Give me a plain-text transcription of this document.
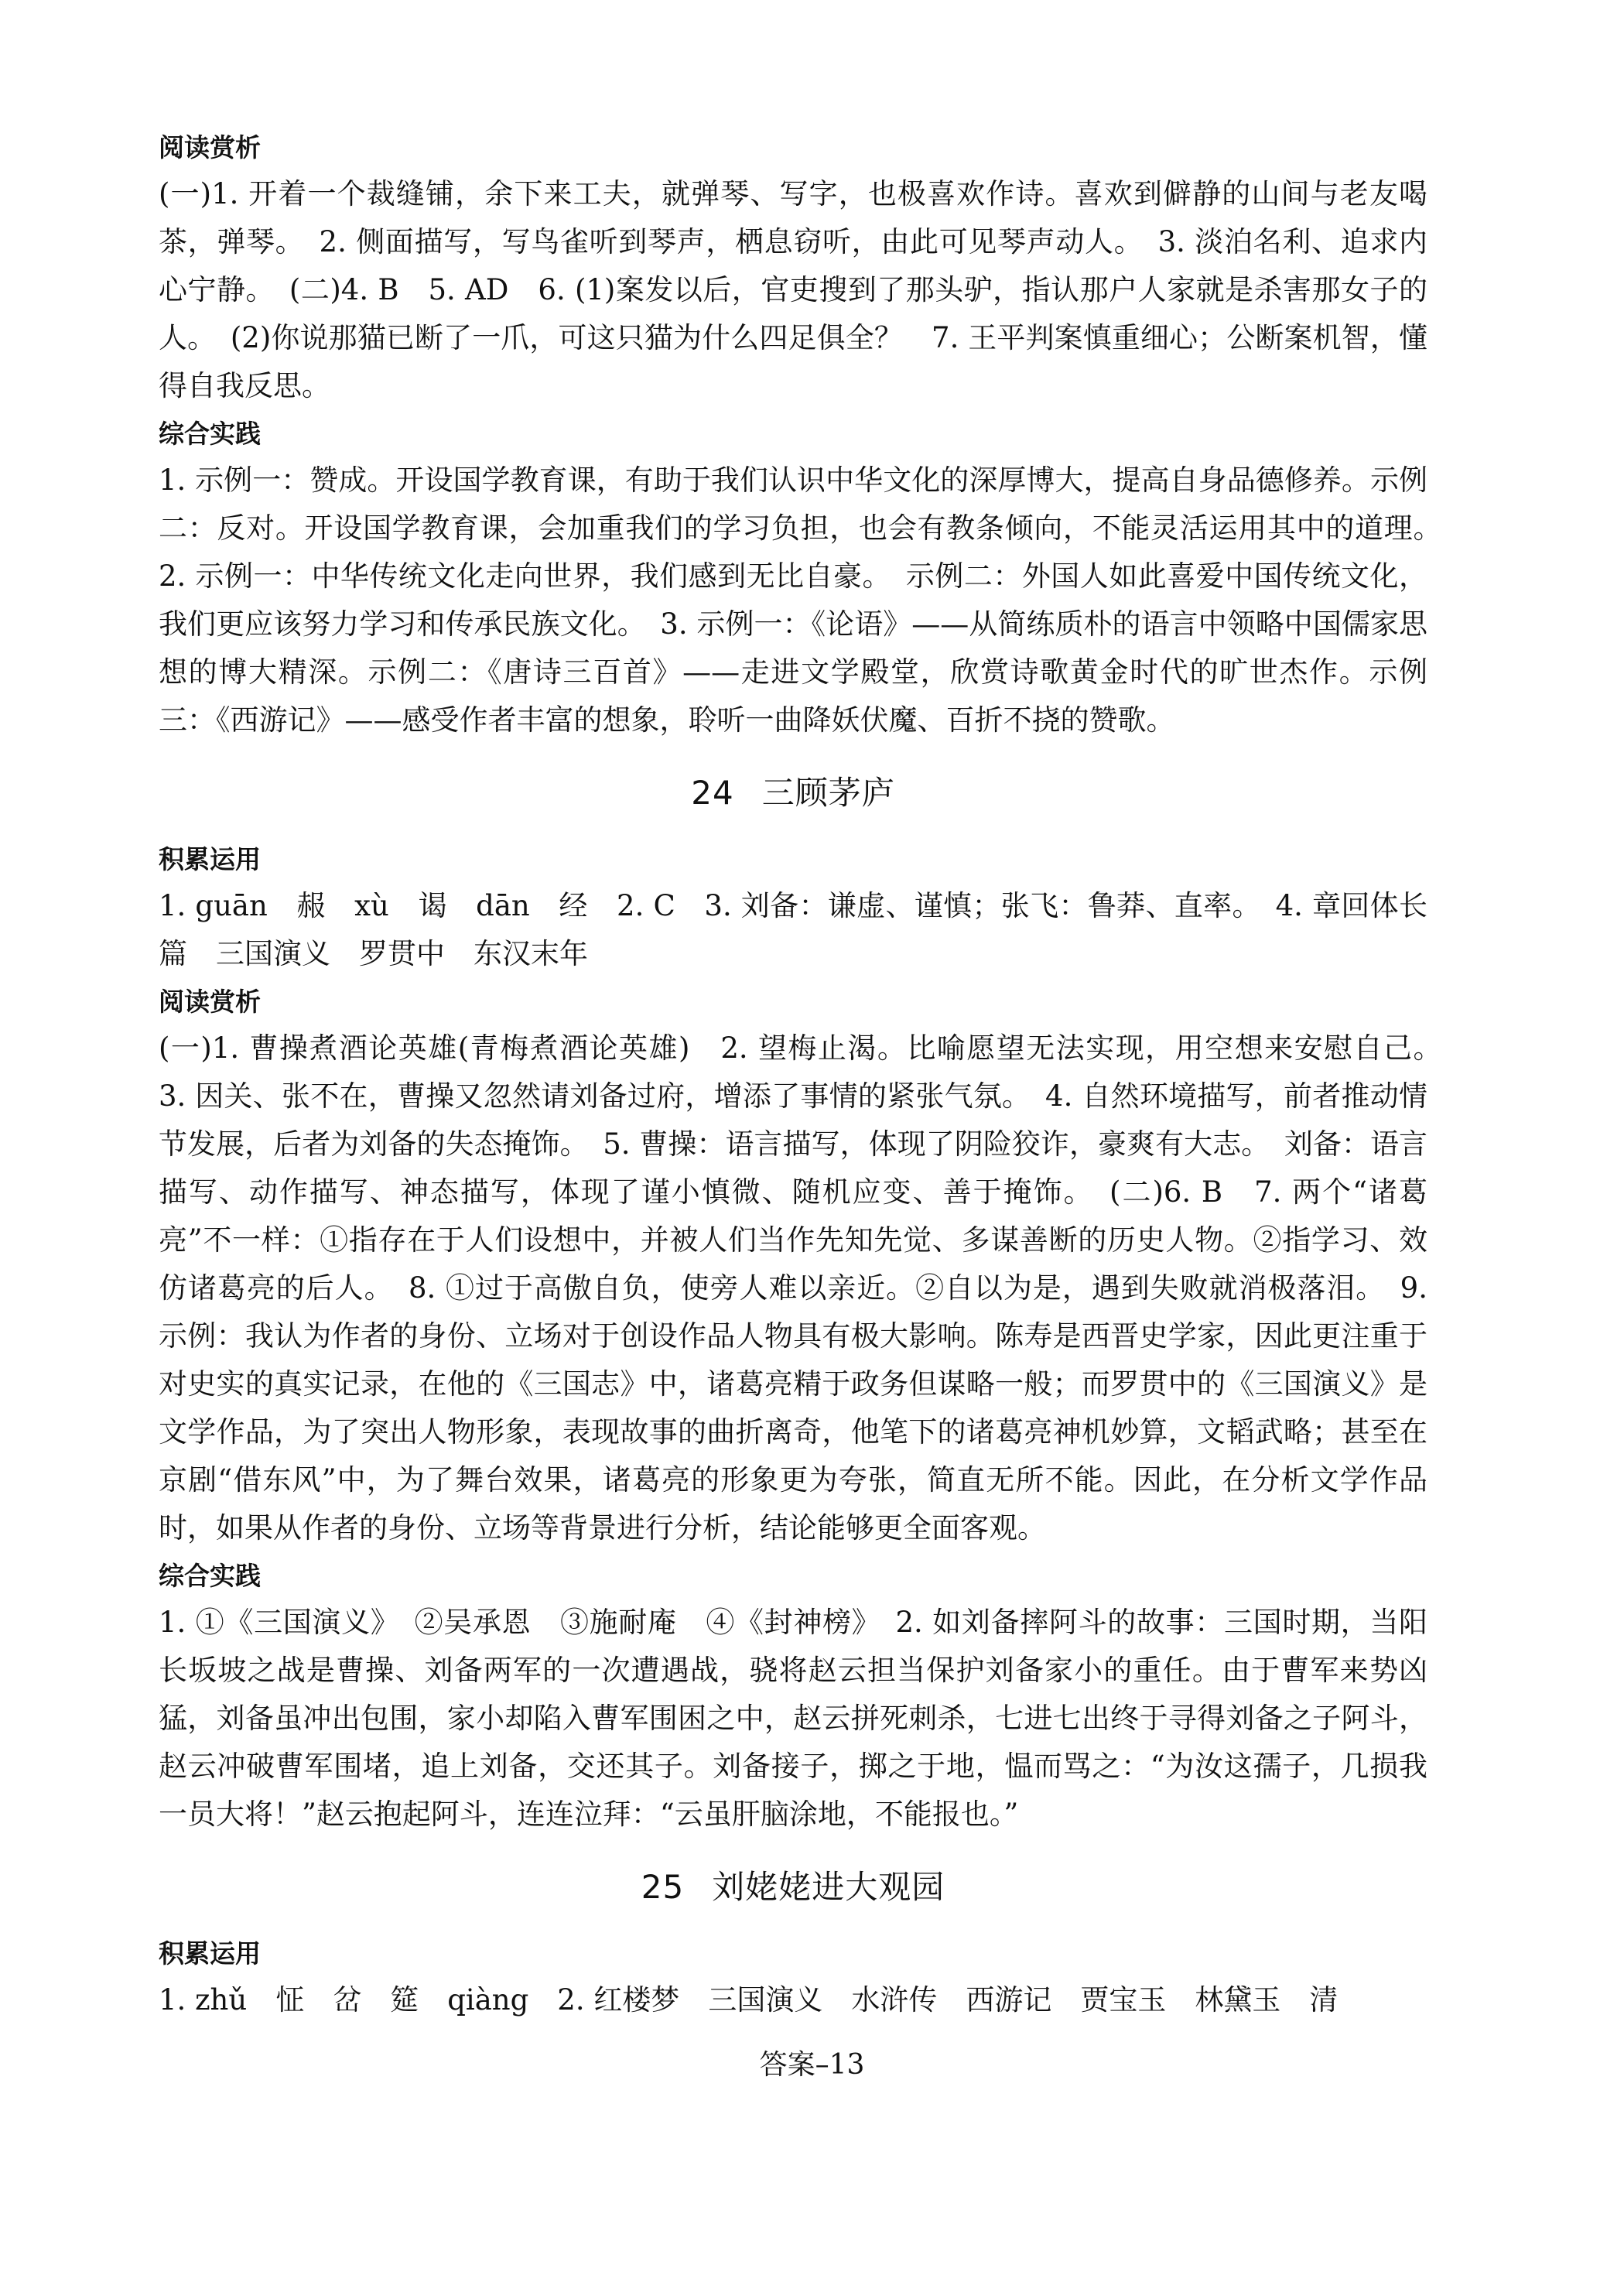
阅读赏析

(一)1. 开着一个裁缝铺，余下来工夫，就弹琴、写字，也极喜欢作诗。喜欢到僻静的山间与老友喝茶，弹琴。　2. 侧面描写，写鸟雀听到琴声，栖息窃听，由此可见琴声动人。　3. 淡泊名利、追求内心宁静。　(二)4. B　5. AD　6. (1)案发以后，官吏搜到了那头驴，指认那户人家就是杀害那女子的人。　(2)你说那猫已断了一爪，可这只猫为什么四足俱全？　7. 王平判案慎重细心；公断案机智，懂得自我反思。

综合实践

1. 示例一：赞成。开设国学教育课，有助于我们认识中华文化的深厚博大，提高自身品德修养。示例二：反对。开设国学教育课，会加重我们的学习负担，也会有教条倾向，不能灵活运用其中的道理。　2. 示例一：中华传统文化走向世界，我们感到无比自豪。　示例二：外国人如此喜爱中国传统文化，我们更应该努力学习和传承民族文化。　3. 示例一：《论语》——从简练质朴的语言中领略中国儒家思想的博大精深。示例二：《唐诗三百首》——走进文学殿堂，欣赏诗歌黄金时代的旷世杰作。示例三：《西游记》——感受作者丰富的想象，聆听一曲降妖伏魔、百折不挠的赞歌。

24 三顾茅庐
积累运用

1. guān　赧　xù　谒　dān　经　2. C　3. 刘备：谦虚、谨慎；张飞：鲁莽、直率。　4. 章回体长篇　三国演义　罗贯中　东汉末年

阅读赏析

(一)1. 曹操煮酒论英雄(青梅煮酒论英雄)　2. 望梅止渴。比喻愿望无法实现，用空想来安慰自己。　3. 因关、张不在，曹操又忽然请刘备过府，增添了事情的紧张气氛。　4. 自然环境描写，前者推动情节发展，后者为刘备的失态掩饰。　5. 曹操：语言描写，体现了阴险狡诈，豪爽有大志。　刘备：语言描写、动作描写、神态描写，体现了谨小慎微、随机应变、善于掩饰。　(二)6. B　7. 两个“诸葛亮”不一样：①指存在于人们设想中，并被人们当作先知先觉、多谋善断的历史人物。②指学习、效仿诸葛亮的后人。　8. ①过于高傲自负，使旁人难以亲近。②自以为是，遇到失败就消极落泪。　9. 示例：我认为作者的身份、立场对于创设作品人物具有极大影响。陈寿是西晋史学家，因此更注重于对史实的真实记录，在他的《三国志》中，诸葛亮精于政务但谋略一般；而罗贯中的《三国演义》是文学作品，为了突出人物形象，表现故事的曲折离奇，他笔下的诸葛亮神机妙算，文韬武略；甚至在京剧“借东风”中，为了舞台效果，诸葛亮的形象更为夸张，简直无所不能。因此，在分析文学作品时，如果从作者的身份、立场等背景进行分析，结论能够更全面客观。

综合实践

1. ①《三国演义》　②吴承恩　③施耐庵　④《封神榜》　2. 如刘备摔阿斗的故事：三国时期，当阳长坂坡之战是曹操、刘备两军的一次遭遇战，骁将赵云担当保护刘备家小的重任。由于曹军来势凶猛，刘备虽冲出包围，家小却陷入曹军围困之中，赵云拼死刺杀，七进七出终于寻得刘备之子阿斗，赵云冲破曹军围堵，追上刘备，交还其子。刘备接子，掷之于地，愠而骂之：“为汝这孺子，几损我一员大将！”赵云抱起阿斗，连连泣拜：“云虽肝脑涂地，不能报也。”

25 刘姥姥进大观园
积累运用

1. zhǔ　怔　岔　筵　qiàng　2. 红楼梦　三国演义　水浒传　西游记　贾宝玉　林黛玉　清

答案–13
